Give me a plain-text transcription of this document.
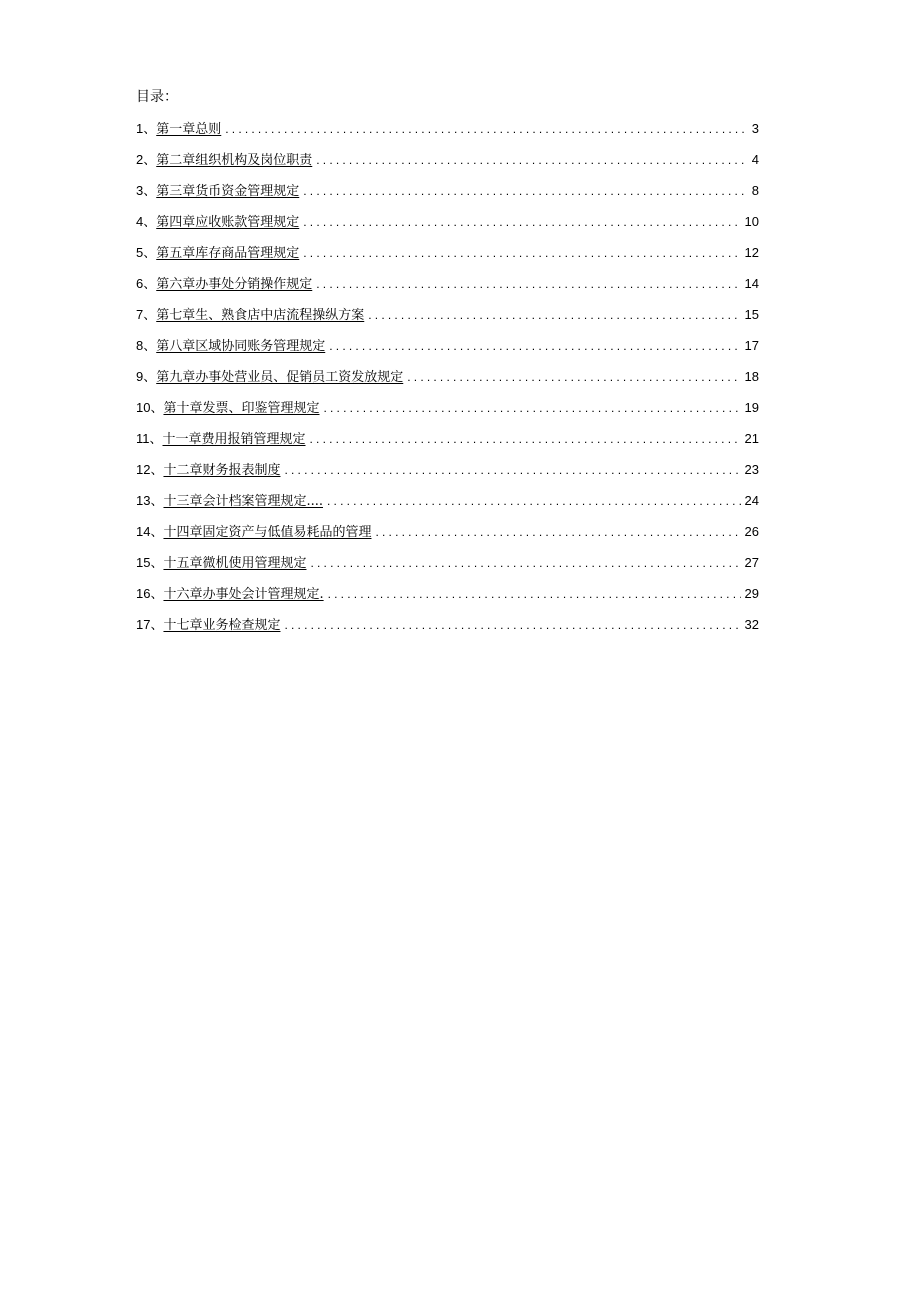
目录：
1、 第一章总则 .....	3
2、 第二章组织机构及岗位职责 .....	4
3、 第三章货币资金管理规定 .....	8
4、 第四章应收账款管理规定 .....	10
5、 第五章库存商品管理规定 .....	12
6、 第六章办事处分销操作规定 .....	14
7、 第七章生、熟食店中店流程操纵方案 .....	15
8、 第八章区域协同账务管理规定 .....	17
9、 第九章办事处营业员、促销员工资发放规定 .....	18
10、 第十章发票、印鉴管理规定 .....	19
11、 十一章费用报销管理规定 .....	21
12、 十二章财务报表制度 .....	23
13、 十三章会计档案管理规定.... .....	24
14、 十四章固定资产与低值易耗品的管理 .....	26
15、 十五章微机使用管理规定 .....	27
16、 十六章办事处会计管理规定. .....	29
17、 十七章业务检查规定 .....	32
